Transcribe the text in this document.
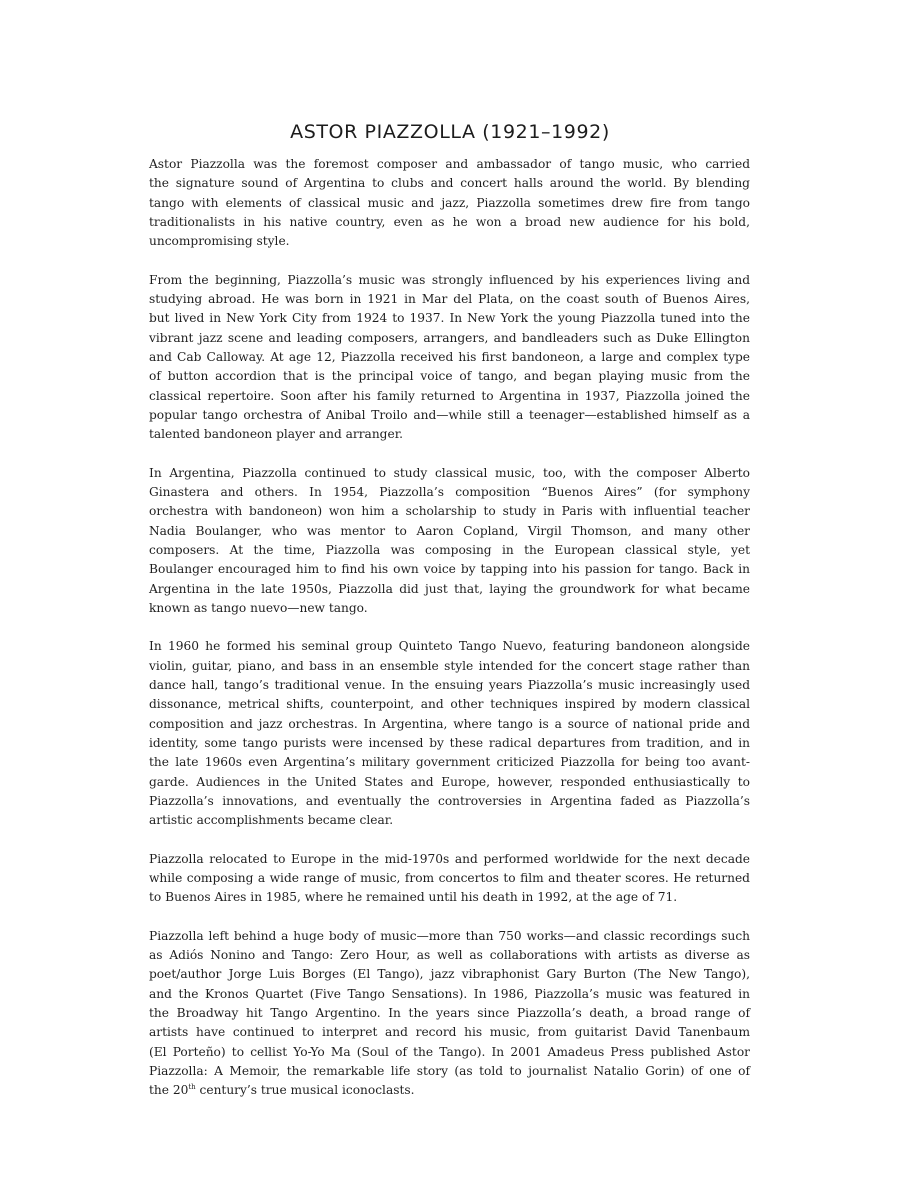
ASTOR PIAZZOLLA (1921–1992)
Astor Piazzolla was the foremost composer and ambassador of tango music, who carried
the signature sound of Argentina to clubs and concert halls around the world. By blending
tango with elements of classical music and jazz, Piazzolla sometimes drew fire from tango
traditionalists in his native country, even as he won a broad new audience for his bold,
uncompromising style.
From the beginning, Piazzolla’s music was strongly influenced by his experiences living and
studying abroad. He was born in 1921 in Mar del Plata, on the coast south of Buenos Aires,
but lived in New York City from 1924 to 1937. In New York the young Piazzolla tuned into the
vibrant jazz scene and leading composers, arrangers, and bandleaders such as Duke Ellington
and Cab Calloway. At age 12, Piazzolla received his first bandoneon, a large and complex type
of button accordion that is the principal voice of tango, and began playing music from the
classical repertoire. Soon after his family returned to Argentina in 1937, Piazzolla joined the
popular tango orchestra of Anibal Troilo and—while still a teenager—established himself as a
talented bandoneon player and arranger.
In Argentina, Piazzolla continued to study classical music, too, with the composer Alberto
Ginastera and others. In 1954, Piazzolla’s composition “Buenos Aires” (for symphony
orchestra with bandoneon) won him a scholarship to study in Paris with influential teacher
Nadia Boulanger, who was mentor to Aaron Copland, Virgil Thomson, and many other
composers. At the time, Piazzolla was composing in the European classical style, yet
Boulanger encouraged him to find his own voice by tapping into his passion for tango. Back in
Argentina in the late 1950s, Piazzolla did just that, laying the groundwork for what became
known as tango nuevo—new tango.
In 1960 he formed his seminal group Quinteto Tango Nuevo, featuring bandoneon alongside
violin, guitar, piano, and bass in an ensemble style intended for the concert stage rather than
dance hall, tango’s traditional venue. In the ensuing years Piazzolla’s music increasingly used
dissonance, metrical shifts, counterpoint, and other techniques inspired by modern classical
composition and jazz orchestras. In Argentina, where tango is a source of national pride and
identity, some tango purists were incensed by these radical departures from tradition, and in
the late 1960s even Argentina’s military government criticized Piazzolla for being too avant-
garde. Audiences in the United States and Europe, however, responded enthusiastically to
Piazzolla’s innovations, and eventually the controversies in Argentina faded as Piazzolla’s
artistic accomplishments became clear.
Piazzolla relocated to Europe in the mid-1970s and performed worldwide for the next decade
while composing a wide range of music, from concertos to film and theater scores. He returned
to Buenos Aires in 1985, where he remained until his death in 1992, at the age of 71.
Piazzolla left behind a huge body of music—more than 750 works—and classic recordings such
as Adiós Nonino and Tango: Zero Hour, as well as collaborations with artists as diverse as
poet/author Jorge Luis Borges (El Tango), jazz vibraphonist Gary Burton (The New Tango),
and the Kronos Quartet (Five Tango Sensations). In 1986, Piazzolla’s music was featured in
the Broadway hit Tango Argentino. In the years since Piazzolla’s death, a broad range of
artists have continued to interpret and record his music, from guitarist David Tanenbaum
(El Porteño) to cellist Yo-Yo Ma (Soul of the Tango). In 2001 Amadeus Press published Astor
Piazzolla: A Memoir, the remarkable life story (as told to journalist Natalio Gorin) of one of
the 20th century’s true musical iconoclasts.
